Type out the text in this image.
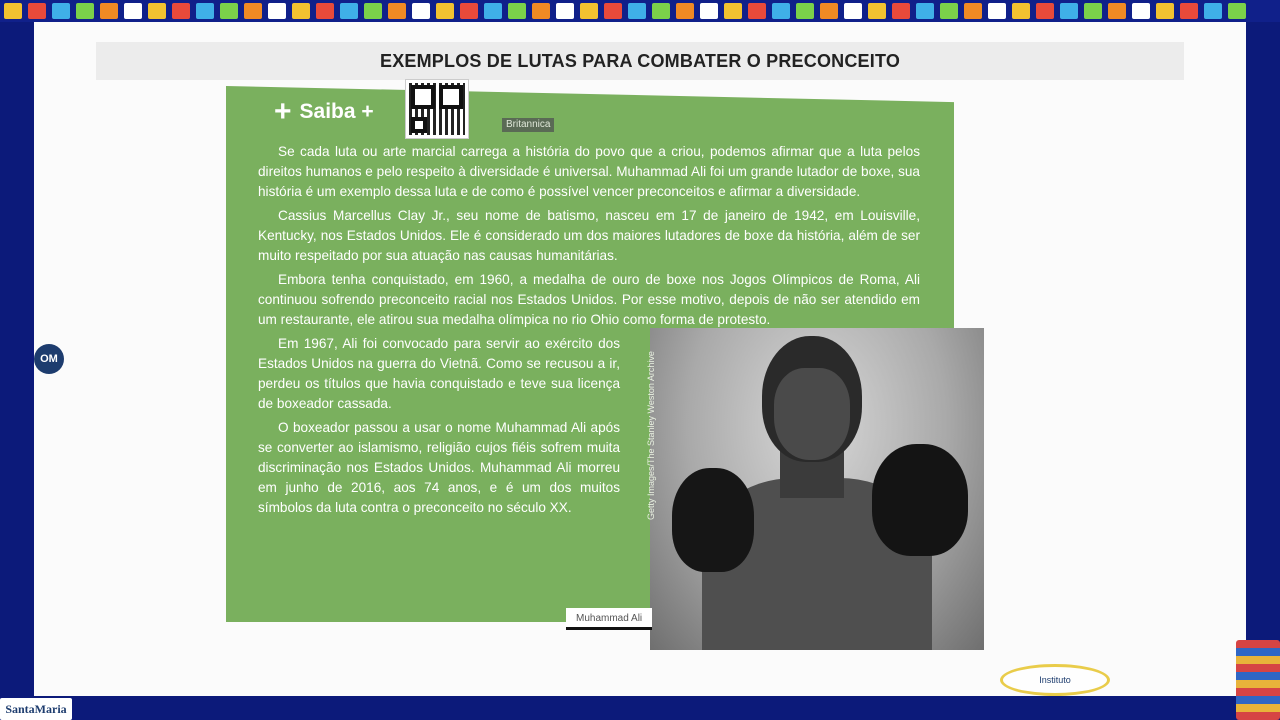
EXEMPLOS DE LUTAS PARA COMBATER O PRECONCEITO
OM
+ Saiba +
Britannica

Se cada luta ou arte marcial carrega a história do povo que a criou, podemos afirmar que a luta pelos direitos humanos e pelo respeito à diversidade é universal. Muhammad Ali foi um grande lutador de boxe, sua história é um exemplo dessa luta e de como é possível vencer preconceitos e afirmar a diversidade.

Cassius Marcellus Clay Jr., seu nome de batismo, nasceu em 17 de janeiro de 1942, em Louisville, Kentucky, nos Estados Unidos. Ele é considerado um dos maiores lutadores de boxe da história, além de ser muito respeitado por sua atuação nas causas humanitárias.

Embora tenha conquistado, em 1960, a medalha de ouro de boxe nos Jogos Olímpicos de Roma, Ali continuou sofrendo preconceito racial nos Estados Unidos. Por esse motivo, depois de não ser atendido em um restaurante, ele atirou sua medalha olímpica no rio Ohio como forma de protesto.

Em 1967, Ali foi convocado para servir ao exército dos Estados Unidos na guerra do Vietnã. Como se recusou a ir, perdeu os títulos que havia conquistado e teve sua licença de boxeador cassada.

O boxeador passou a usar o nome Muhammad Ali após se converter ao islamismo, religião cujos fiéis sofrem muita discriminação nos Estados Unidos. Muhammad Ali morreu em junho de 2016, aos 74 anos, e é um dos muitos símbolos da luta contra o preconceito no século XX.	Getty Images/The Stanley Weston Archive
Muhammad Ali
SantaMaria
Instituto
